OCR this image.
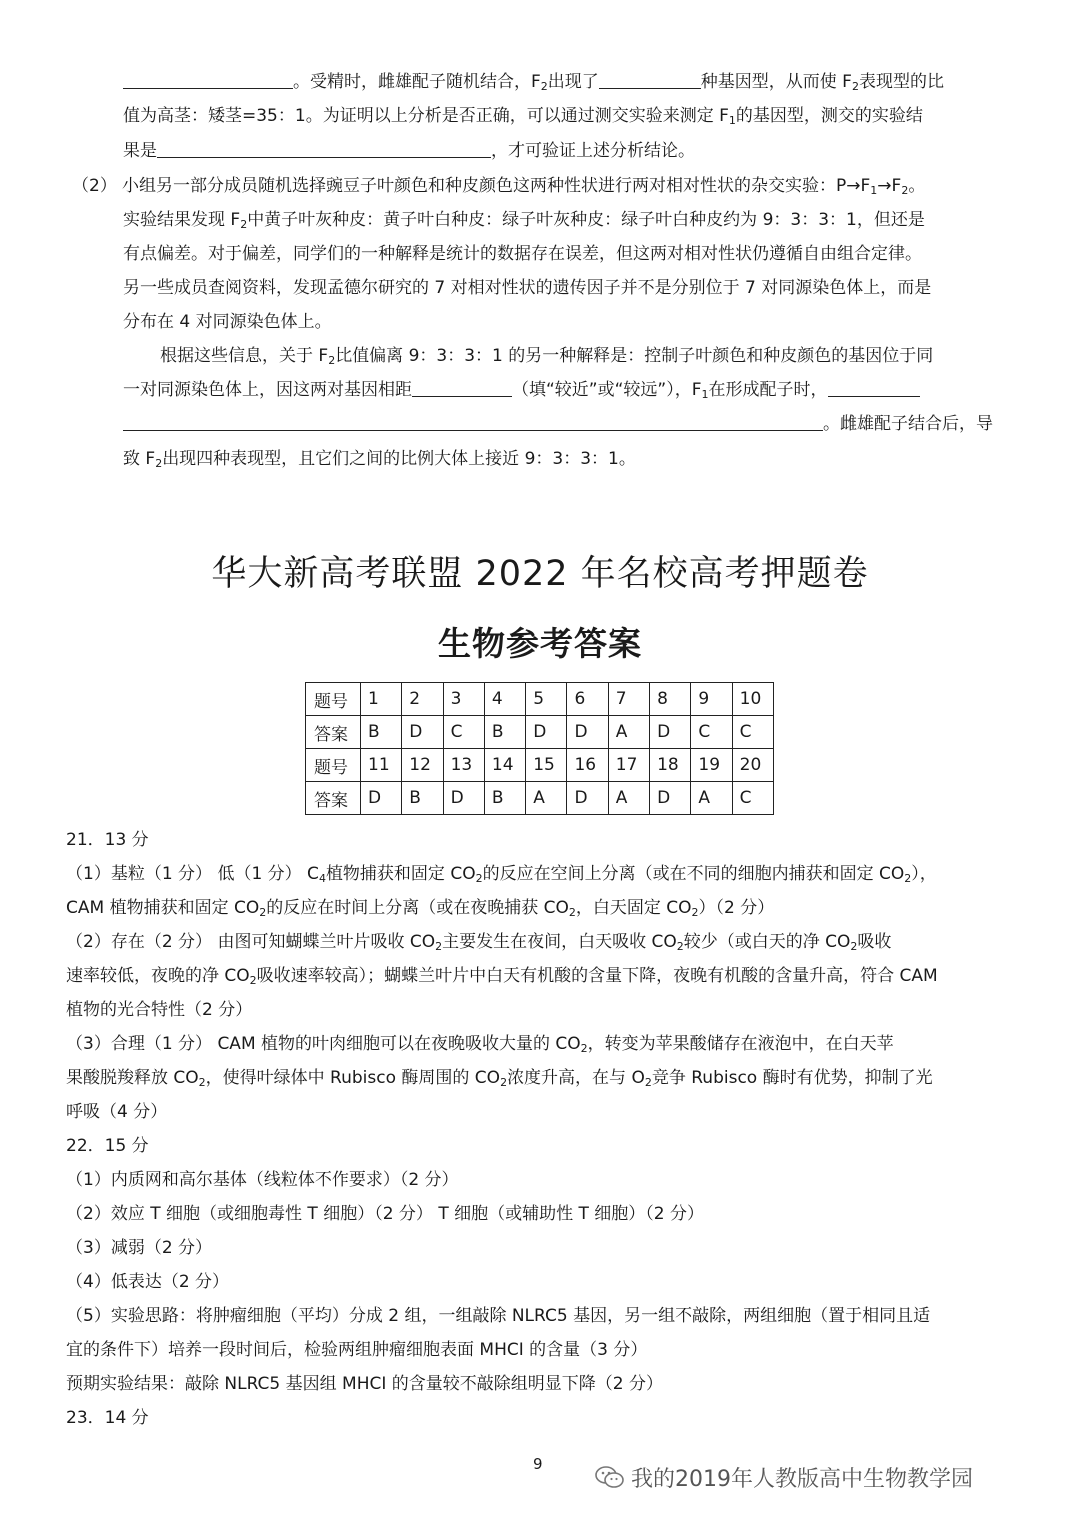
。受精时，雌雄配子随机结合，$F_2$出现了	种基因型，从而使 $F_2$表现型的比
值为高茎：矮茎=35：1。为证明以上分析是否正确，可以通过测交实验来测定 $F_1$的基因型，测交的实验结
果是	，才可验证上述分析结论。
（2） 小组另一部分成员随机选择豌豆子叶颜色和种皮颜色这两种性状进行两对相对性状的杂交实验：$P\to F_1\to F_2$。
实验结果发现 $F_2$中黄子叶灰种皮：黄子叶白种皮：绿子叶灰种皮：绿子叶白种皮约为 9：3：3：1，但还是
有点偏差。对于偏差，同学们的一种解释是统计的数据存在误差，但这两对相对性状仍遵循自由组合定律。
另一些成员查阅资料，发现孟德尔研究的 7 对相对性状的遗传因子并不是分别位于 7 对同源染色体上，而是
分布在 4 对同源染色体上。
根据这些信息，关于 $F_2$比值偏离 9：3：3：1 的另一种解释是：控制子叶颜色和种皮颜色的基因位于同
一对同源染色体上，因这两对基因相距	（填“较近”或“较远”），$F_1$在形成配子时，
。雌雄配子结合后，导
致 $F_2$出现四种表现型，且它们之间的比例大体上接近 9：3：3：1。
华大新高考联盟 2022 年名校高考押题卷
生物参考答案
题号	1	2	3	4	5	6	7	8	9	10
答案	B	D	C	B	D	D	A	D	C	C
题号	11	12	13	14	15	16	17	18	19	20
答案	D	B	D	B	A	D	A	D	A	C
21．13 分
（1）基粒（1 分） 低（1 分） $C_4$植物捕获和固定 $CO_2$的反应在空间上分离（或在不同的细胞内捕获和固定 $CO_2$），
CAM 植物捕获和固定 $CO_2$的反应在时间上分离（或在夜晚捕获 $CO_2$，白天固定 $CO_2)(2$ 分）
（2）存在（2 分） 由图可知蝴蝶兰叶片吸收 $CO_2$主要发生在夜间，白天吸收 $CO_2$较少（或白天的净 $CO_2$吸收
速率较低，夜晚的净 $CO_2$吸收速率较高）；蝴蝶兰叶片中白天有机酸的含量下降，夜晚有机酸的含量升高，符合 CAM
植物的光合特性（2 分）
（3）合理（1 分） CAM 植物的叶肉细胞可以在夜晚吸收大量的 $CO_2$，转变为苹果酸储存在液泡中，在白天苹
果酸脱羧释放 $CO_2$，使得叶绿体中 Rubisco 酶周围的 $CO_2$浓度升高，在与 $O_2$竞争 Rubisco 酶时有优势，抑制了光
呼吸（4 分）
22．15 分
（1）内质网和高尔基体（线粒体不作要求）（2 分）
（2）效应 T 细胞（或细胞毒性 T 细胞）（2 分） T 细胞（或辅助性 T 细胞）（2 分）
（3）减弱（2 分）
（4）低表达（2 分）
（5）实验思路：将肿瘤细胞（平均）分成 2 组，一组敲除 NLRC5 基因，另一组不敲除，两组细胞（置于相同且适
宜的条件下）培养一段时间后，检验两组肿瘤细胞表面 MHCI 的含量（3 分）
预期实验结果：敲除 NLRC5 基因组 MHCI 的含量较不敲除组明显下降（2 分）
23．14 分
9
我的2019年人教版高中生物教学园
